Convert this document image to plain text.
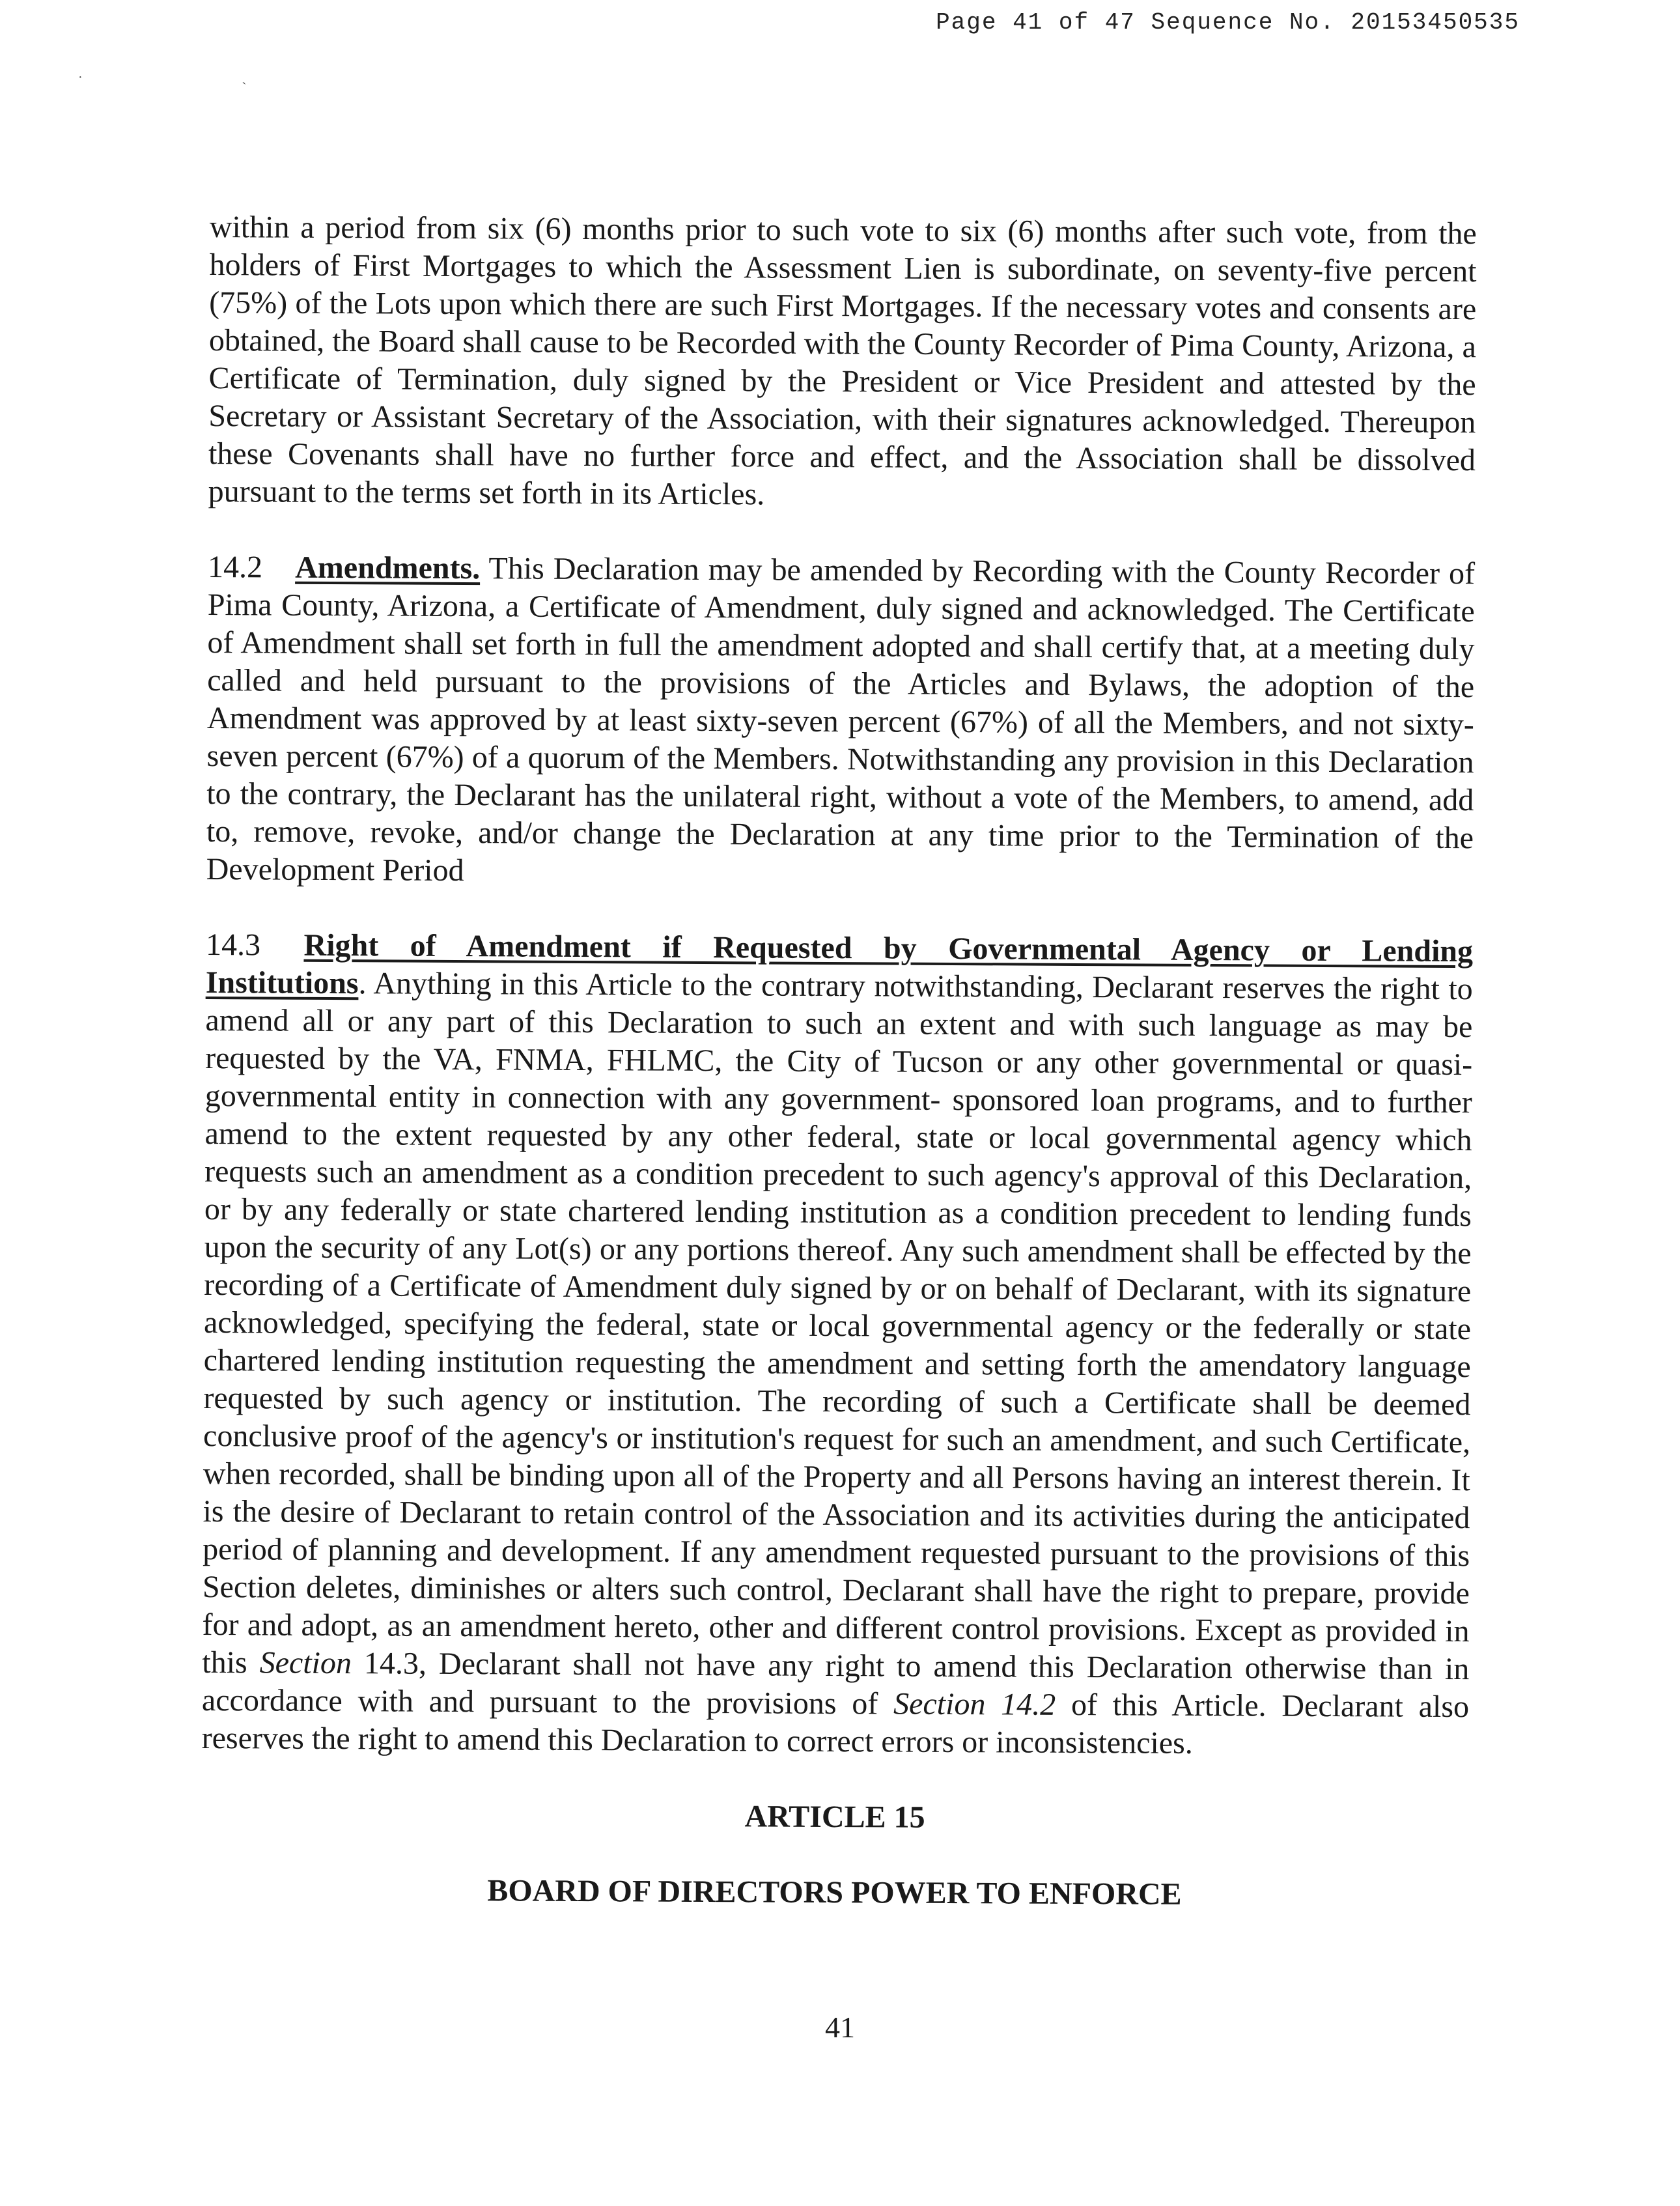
Page 41 of 47 Sequence No. 20153450535
· ˎ

within a period from six (6) months prior to such vote to six (6) months after such vote, from the holders of First Mortgages to which the Assessment Lien is subordinate, on seventy-five percent (75%) of the Lots upon which there are such First Mortgages. If the necessary votes and consents are obtained, the Board shall cause to be Recorded with the County Recorder of Pima County, Arizona, a Certificate of Termination, duly signed by the President or Vice President and attested by the Secretary or Assistant Secretary of the Association, with their signatures acknowledged. Thereupon these Covenants shall have no further force and effect, and the Association shall be dissolved pursuant to the terms set forth in its Articles.

14.2 Amendments. This Declaration may be amended by Recording with the County Recorder of Pima County, Arizona, a Certificate of Amendment, duly signed and acknowledged. The Certificate of Amendment shall set forth in full the amendment adopted and shall certify that, at a meeting duly called and held pursuant to the provisions of the Articles and Bylaws, the adoption of the Amendment was approved by at least sixty-seven percent (67%) of all the Members, and not sixty-seven percent (67%) of a quorum of the Members. Notwithstanding any provision in this Declaration to the contrary, the Declarant has the unilateral right, without a vote of the Members, to amend, add to, remove, revoke, and/or change the Declaration at any time prior to the Termination of the Development Period

14.3 Right of Amendment if Requested by Governmental Agency or Lending Institutions. Anything in this Article to the contrary notwithstanding, Declarant reserves the right to amend all or any part of this Declaration to such an extent and with such language as may be requested by the VA, FNMA, FHLMC, the City of Tucson or any other governmental or quasi-governmental entity in connection with any government- sponsored loan programs, and to further amend to the extent requested by any other federal, state or local governmental agency which requests such an amendment as a condition precedent to such agency's approval of this Declaration, or by any federally or state chartered lending institution as a condition precedent to lending funds upon the security of any Lot(s) or any portions thereof. Any such amendment shall be effected by the recording of a Certificate of Amendment duly signed by or on behalf of Declarant, with its signature acknowledged, specifying the federal, state or local governmental agency or the federally or state chartered lending institution requesting the amendment and setting forth the amendatory language requested by such agency or institution. The recording of such a Certificate shall be deemed conclusive proof of the agency's or institution's request for such an amendment, and such Certificate, when recorded, shall be binding upon all of the Property and all Persons having an interest therein. It is the desire of Declarant to retain control of the Association and its activities during the anticipated period of planning and development. If any amendment requested pursuant to the provisions of this Section deletes, diminishes or alters such control, Declarant shall have the right to prepare, provide for and adopt, as an amendment hereto, other and different control provisions. Except as provided in this Section 14.3, Declarant shall not have any right to amend this Declaration otherwise than in accordance with and pursuant to the provisions of Section 14.2 of this Article. Declarant also reserves the right to amend this Declaration to correct errors or inconsistencies.

ARTICLE 15
BOARD OF DIRECTORS POWER TO ENFORCE
41
